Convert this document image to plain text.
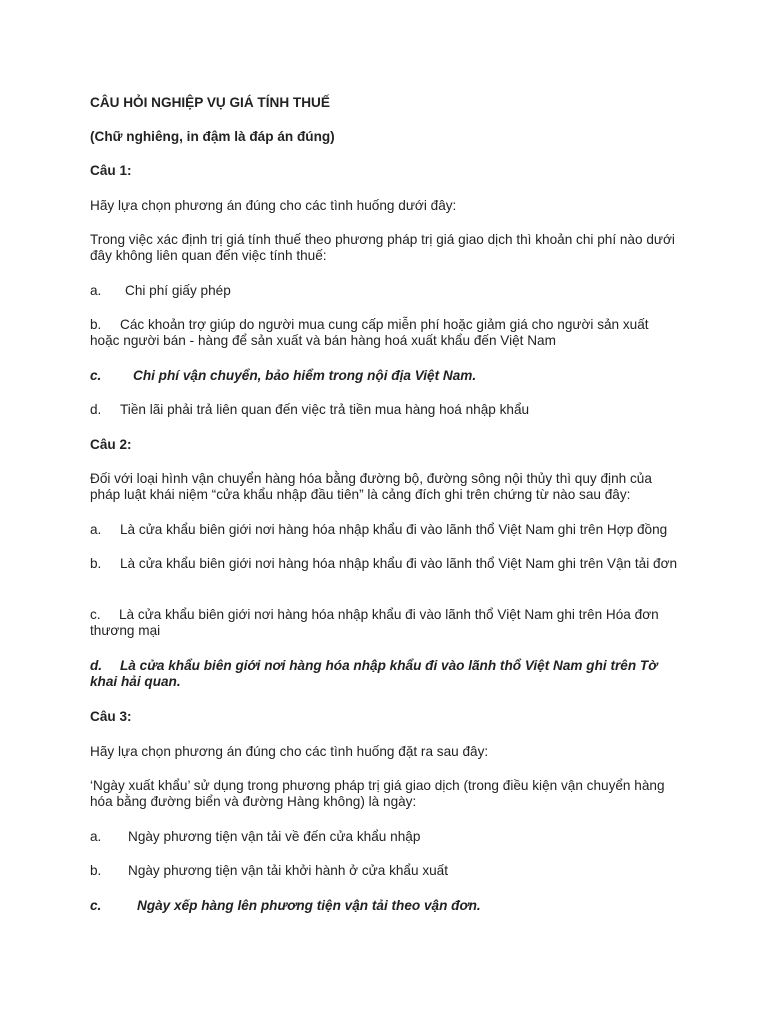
CÂU HỎI NGHIỆP VỤ GIÁ TÍNH THUẾ

(Chữ nghiêng, in đậm là đáp án đúng)

Câu 1:

Hãy lựa chọn phương án đúng cho các tình huống dưới đây:

Trong việc xác định trị giá tính thuế theo phương pháp trị giá giao dịch thì khoản chi phí nào dưới đây không liên quan đến việc tính thuế:

a.	Chi phí giấy phép
b. Các khoản trợ giúp do người mua cung cấp miễn phí hoặc giảm giá cho người sản xuất hoặc người bán - hàng để sản xuất và bán hàng hoá xuất khẩu đến Việt Nam
c.	Chi phí vận chuyển, bảo hiểm trong nội địa Việt Nam.
d.	Tiền lãi phải trả liên quan đến việc trả tiền mua hàng hoá nhập khẩu

Câu 2:

Đối với loại hình vận chuyển hàng hóa bằng đường bộ, đường sông nội thủy thì quy định của pháp luật khái niệm “cửa khẩu nhập đầu tiên” là cảng đích ghi trên chứng từ nào sau đây:

a. Là cửa khẩu biên giới nơi hàng hóa nhập khẩu đi vào lãnh thổ Việt Nam ghi trên Hợp đồng
b. Là cửa khẩu biên giới nơi hàng hóa nhập khẩu đi vào lãnh thổ Việt Nam ghi trên Vận tải đơn
c. Là cửa khẩu biên giới nơi hàng hóa nhập khẩu đi vào lãnh thổ Việt Nam ghi trên Hóa đơn thương mại
d. Là cửa khẩu biên giới nơi hàng hóa nhập khẩu đi vào lãnh thổ Việt Nam ghi trên Tờ khai hải quan.

Câu 3:

Hãy lựa chọn phương án đúng cho các tình huống đặt ra sau đây:

‘Ngày xuất khẩu’ sử dụng trong phương pháp trị giá giao dịch (trong điều kiện vận chuyển hàng hóa bằng đường biển và đường Hàng không) là ngày:

a.	Ngày phương tiện vận tải về đến cửa khẩu nhập
b.	Ngày phương tiện vận tải khởi hành ở cửa khẩu xuất
c.	Ngày xếp hàng lên phương tiện vận tải theo vận đơn.
